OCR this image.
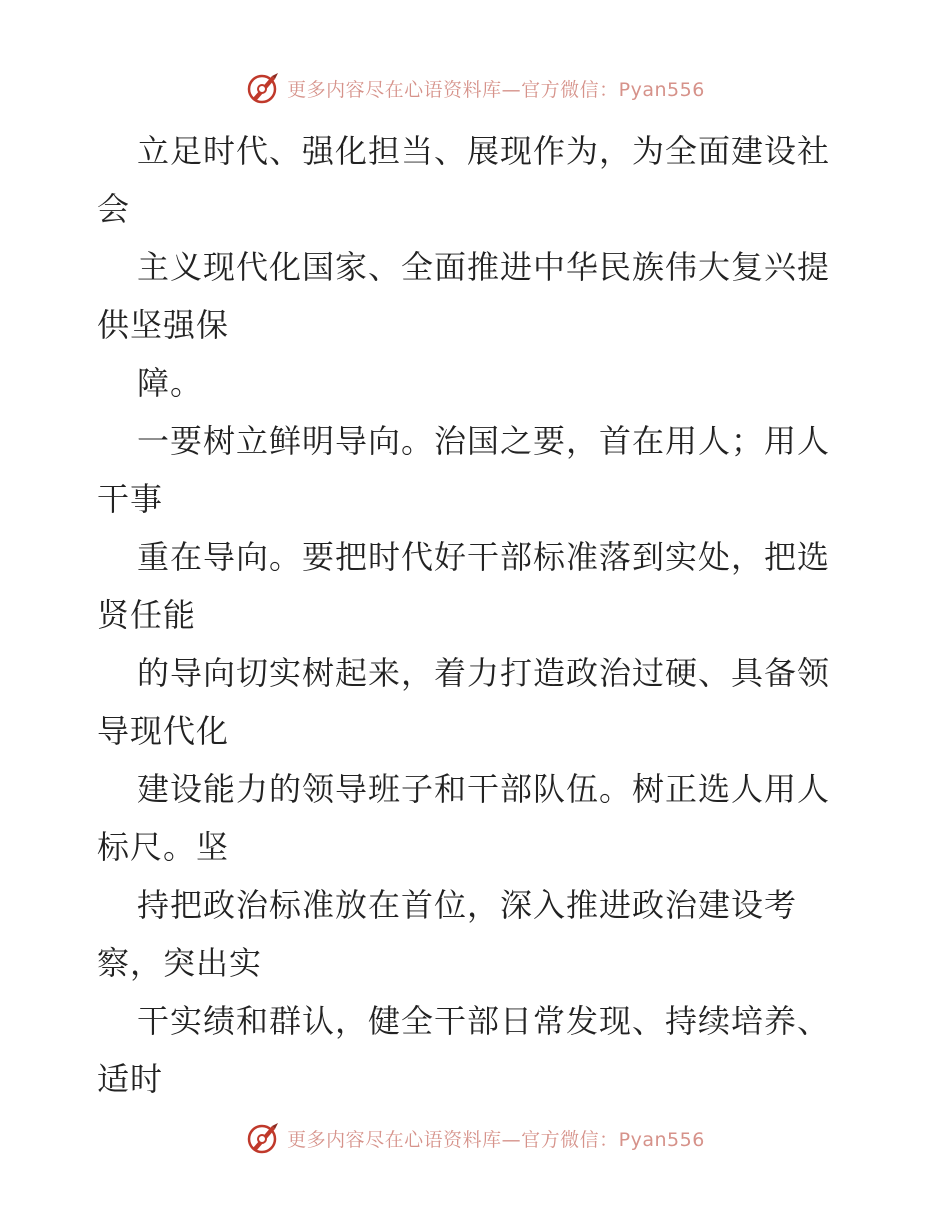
更多内容尽在心语资料库—官方微信：Pyan556
立足时代、强化担当、展现作为，为全面建设社
会
主义现代化国家、全面推进中华民族伟大复兴提
供坚强保
障。
一要树立鲜明导向。治国之要，首在用人；用人
干事
重在导向。要把时代好干部标准落到实处，把选
贤任能
的导向切实树起来，着力打造政治过硬、具备领
导现代化
建设能力的领导班子和干部队伍。树正选人用人
标尺。坚
持把政治标准放在首位，深入推进政治建设考
察，突出实
干实绩和群认，健全干部日常发现、持续培养、
适时
更多内容尽在心语资料库—官方微信：Pyan556
